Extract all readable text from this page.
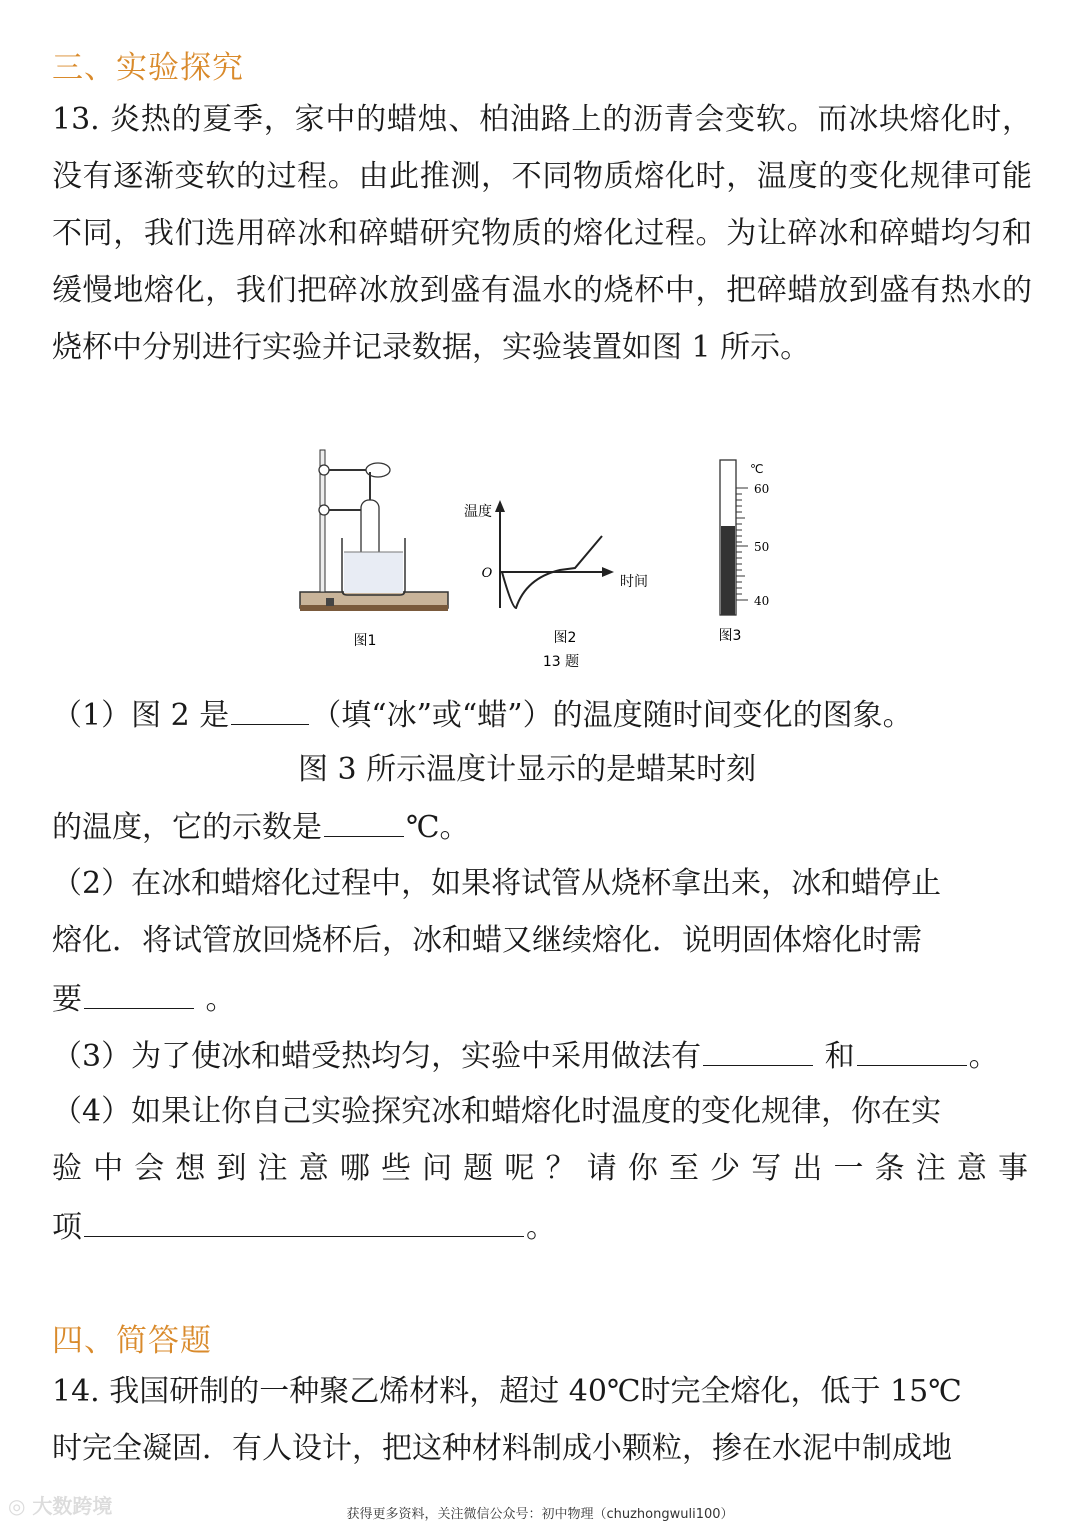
三、实验探究
13. 炎热的夏季，家中的蜡烛、柏油路上的沥青会变软。而冰块熔化时，没有逐渐变软的过程。由此推测，不同物质熔化时，温度的变化规律可能不同，我们选用碎冰和碎蜡研究物质的熔化过程。为让碎冰和碎蜡均匀和缓慢地熔化，我们把碎冰放到盛有温水的烧杯中，把碎蜡放到盛有热水的烧杯中分别进行实验并记录数据，实验装置如图 1 所示。
图1
温度
O
时间
图2
13 题
℃
60
50
40
图3
（1）图 2 是	（填“冰”或“蜡”）的温度随时间变化的图象。
图 3 所示温度计显示的是蜡某时刻
的温度，它的示数是	℃。
（2）在冰和蜡熔化过程中，如果将试管从烧杯拿出来，冰和蜡停止
熔化．将试管放回烧杯后，冰和蜡又继续熔化．说明固体熔化时需
要	。
（3）为了使冰和蜡受热均匀，实验中采用做法有	和	。
（4）如果让你自己实验探究冰和蜡熔化时温度的变化规律，你在实
验中会想到注意哪些问题呢？请你至少写出一条注意事
项	。
四、简答题
14. 我国研制的一种聚乙烯材料，超过 40℃时完全熔化，低于 15℃
时完全凝固．有人设计，把这种材料制成小颗粒，掺在水泥中制成地
◎ 大数跨境	获得更多资料，关注微信公众号：初中物理（chuzhongwuli100）
